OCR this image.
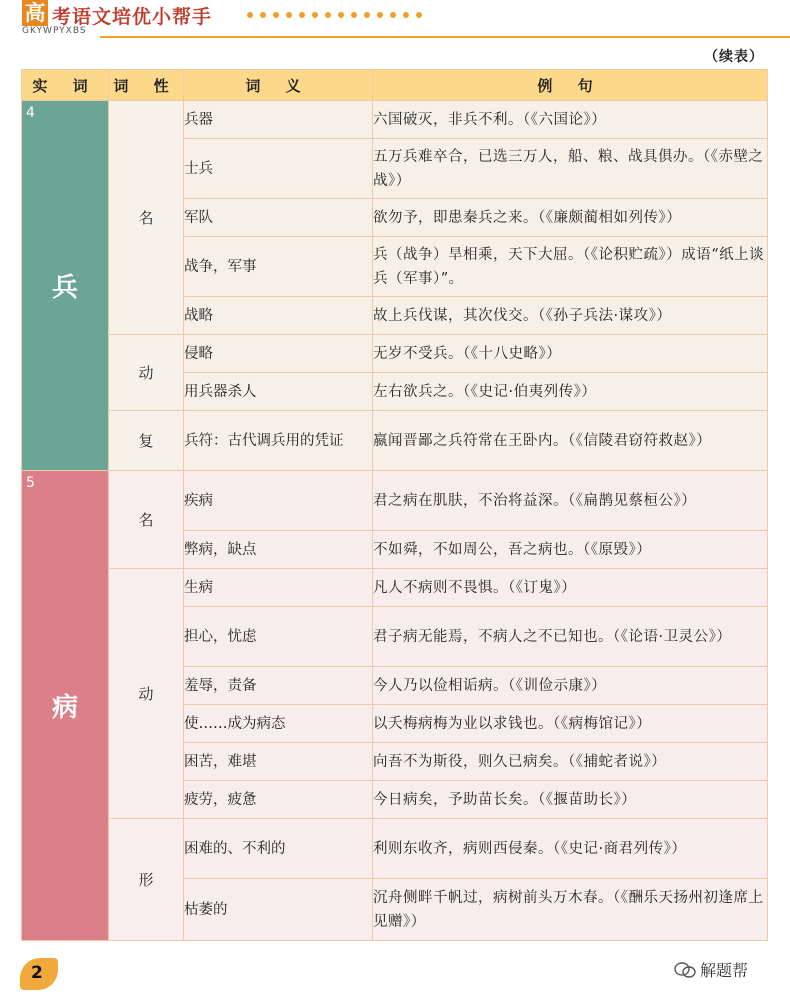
高 考语文培优小帮手
GKYWPYXBS
（续表）
实 词	词 性	词 义	例 句

4
兵	名	兵器	六国破灭，非兵不利。（《六国论》）
		士兵	五万兵难卒合，已选三万人，船、粮、战具俱办。（《赤壁之战》）
		军队	欲勿予，即患秦兵之来。（《廉颇蔺相如列传》）
		战争，军事	兵（战争）旱相乘，天下大屈。（《论积贮疏》）成语“纸上谈兵（军事）”。
		战略	故上兵伐谋，其次伐交。（《孙子兵法·谋攻》）
	动	侵略	无岁不受兵。（《十八史略》）
		用兵器杀人	左右欲兵之。（《史记·伯夷列传》）
	复	兵符：古代调兵用的凭证	嬴闻晋鄙之兵符常在王卧内。（《信陵君窃符救赵》）

5
病	名	疾病	君之病在肌肤，不治将益深。（《扁鹊见蔡桓公》）
		弊病，缺点	不如舜，不如周公，吾之病也。（《原毁》）
	动	生病	凡人不病则不畏惧。（《订鬼》）
		担心，忧虑	君子病无能焉，不病人之不已知也。（《论语·卫灵公》）
		羞辱，责备	今人乃以俭相诟病。（《训俭示康》）
		使……成为病态	以夭梅病梅为业以求钱也。（《病梅馆记》）
		困苦，难堪	向吾不为斯役，则久已病矣。（《捕蛇者说》）
		疲劳，疲惫	今日病矣，予助苗长矣。（《揠苗助长》）
	形	困难的、不利的	利则东收齐，病则西侵秦。（《史记·商君列传》）
		枯萎的	沉舟侧畔千帆过，病树前头万木春。（《酬乐天扬州初逢席上见赠》）
2	解题帮
